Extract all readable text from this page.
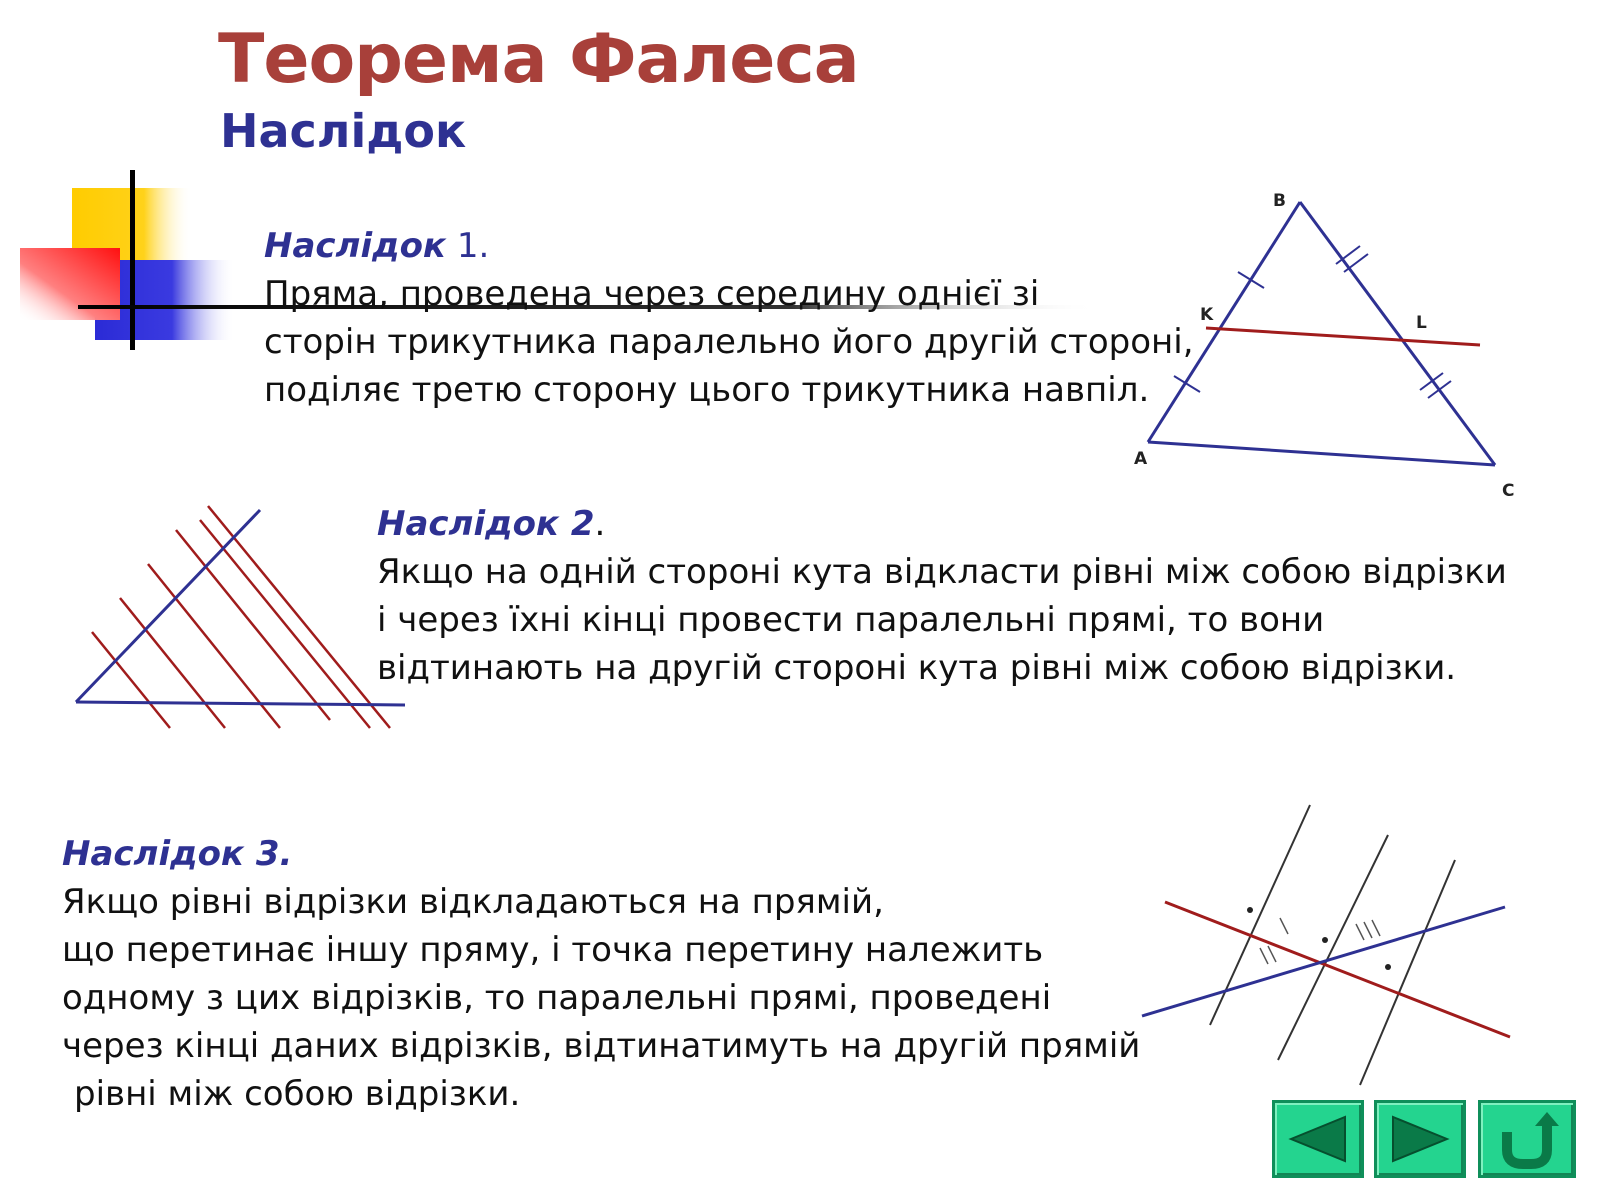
Теорема Фалеса
Наслідок
Наслідок 1.
Пряма, проведена через середину однієї зі
сторін трикутника паралельно його другій стороні,
поділяє третю сторону цього трикутника навпіл.
B
K	L
A
C
Наслідок 2.
Якщо на одній стороні кута відкласти рівні між собою відрізки
і через їхні кінці провести паралельні прямі, то вони
відтинають на другій стороні кута рівні між собою відрізки.
Наслідок 3.
Якщо рівні відрізки відкладаються на прямій,
що перетинає іншу пряму, і точка перетину належить
одному з цих відрізків, то паралельні прямі, проведені
через кінці даних відрізків, відтинатимуть на другій прямій
рівні між собою відрізки.
